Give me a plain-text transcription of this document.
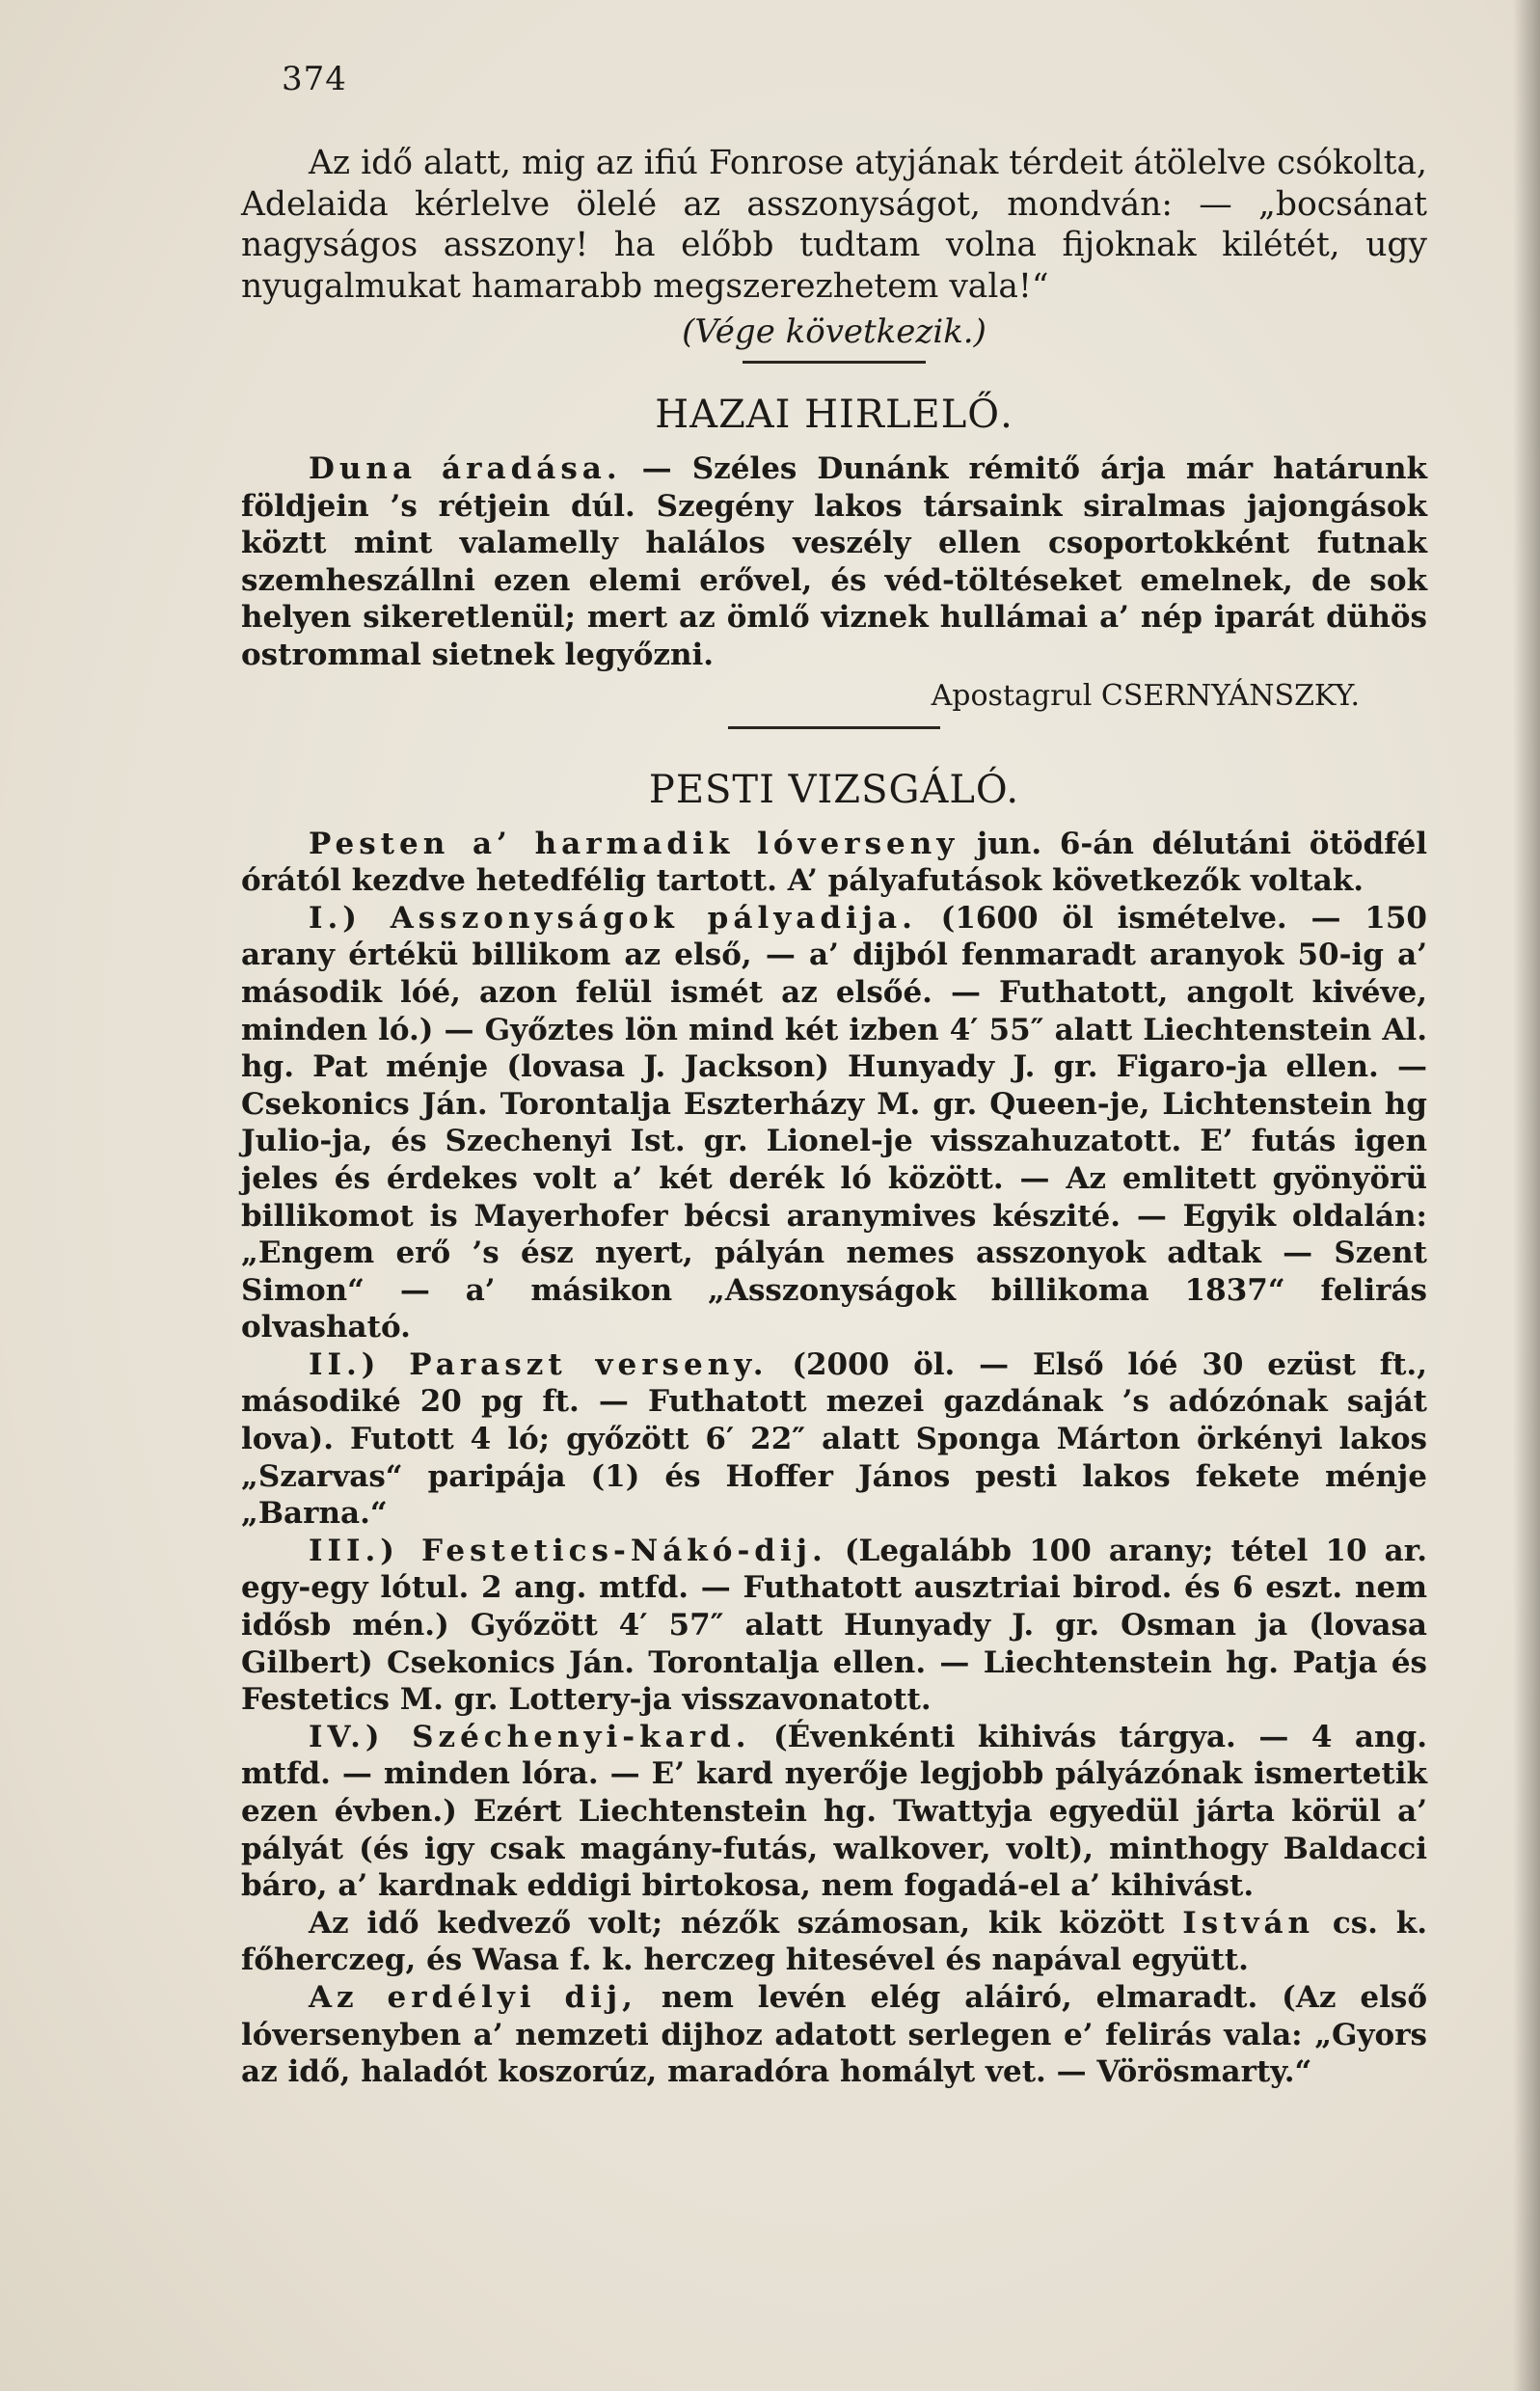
374

Az idő alatt, mig az ifiú Fonrose atyjának térdeit átölelve csókolta, Adelaida kérlelve ölelé az asszonyságot, mondván: — „bocsánat nagyságos asszony! ha előbb tudtam volna fijoknak kilétét, ugy nyugalmukat hamarabb megszerezhetem vala!“

(Vége következik.)
HAZAI HIRLELŐ.

Duna áradása. — Széles Dunánk rémitő árja már határunk földjein ’s rétjein dúl. Szegény lakos társaink siralmas jajongások köztt mint valamelly halálos veszély ellen csoportokként futnak szemheszállni ezen elemi erővel, és véd-töltéseket emelnek, de sok helyen sikeretlenül; mert az ömlő viznek hullámai a’ nép iparát dühös ostrommal sietnek legyőzni.

Apostagrul CSERNYÁNSZKY.
PESTI VIZSGÁLÓ.

Pesten a’ harmadik lóverseny jun. 6-án délutáni ötödfél órától kezdve hetedfélig tartott. A’ pályafutások következők voltak.

I.) Asszonyságok pályadija. (1600 öl ismételve. — 150 arany értékü billikom az első, — a’ dijból fenmaradt aranyok 50-ig a’ második lóé, azon felül ismét az elsőé. — Futhatott, angolt kivéve, minden ló.) — Győztes lön mind két izben 4′ 55″ alatt Liechtenstein Al. hg. Pat ménje (lovasa J. Jackson) Hunyady J. gr. Figaro-ja ellen. — Csekonics Ján. Torontalja Eszterházy M. gr. Queen-je, Lichtenstein hg Julio-ja, és Szechenyi Ist. gr. Lionel-je visszahuzatott. E’ futás igen jeles és érdekes volt a’ két derék ló között. — Az emlitett gyönyörü billikomot is Mayerhofer bécsi aranymives készité. — Egyik oldalán: „Engem erő ’s ész nyert, pályán nemes asszonyok adtak — Szent Simon“ — a’ másikon „Asszonyságok billikoma 1837“ felirás olvasható.

II.) Paraszt verseny. (2000 öl. — Első lóé 30 ezüst ft., másodiké 20 pg ft. — Futhatott mezei gazdának ’s adózónak saját lova). Futott 4 ló; győzött 6′ 22″ alatt Sponga Márton örkényi lakos „Szarvas“ paripája (1) és Hoffer János pesti lakos fekete ménje „Barna.“

III.) Festetics-Nákó-dij. (Legalább 100 arany; tétel 10 ar. egy-egy lótul. 2 ang. mtfd. — Futhatott ausztriai birod. és 6 eszt. nem idősb mén.) Győzött 4′ 57″ alatt Hunyady J. gr. Osman ja (lovasa Gilbert) Csekonics Ján. Torontalja ellen. — Liechtenstein hg. Patja és Festetics M. gr. Lottery-ja visszavonatott.

IV.) Széchenyi-kard. (Évenkénti kihivás tárgya. — 4 ang. mtfd. — minden lóra. — E’ kard nyerője legjobb pályázónak ismertetik ezen évben.) Ezért Liechtenstein hg. Twattyja egyedül járta körül a’ pályát (és igy csak magány-futás, walkover, volt), minthogy Baldacci báro, a’ kardnak eddigi birtokosa, nem fogadá-el a’ kihivást.

Az idő kedvező volt; nézők számosan, kik között István cs. k. főherczeg, és Wasa f. k. herczeg hitesével és napával együtt.

Az erdélyi dij, nem levén elég aláiró, elmaradt. (Az első lóversenyben a’ nemzeti dijhoz adatott serlegen e’ felirás vala: „Gyors az idő, haladót koszorúz, maradóra homályt vet. — Vörösmarty.“
